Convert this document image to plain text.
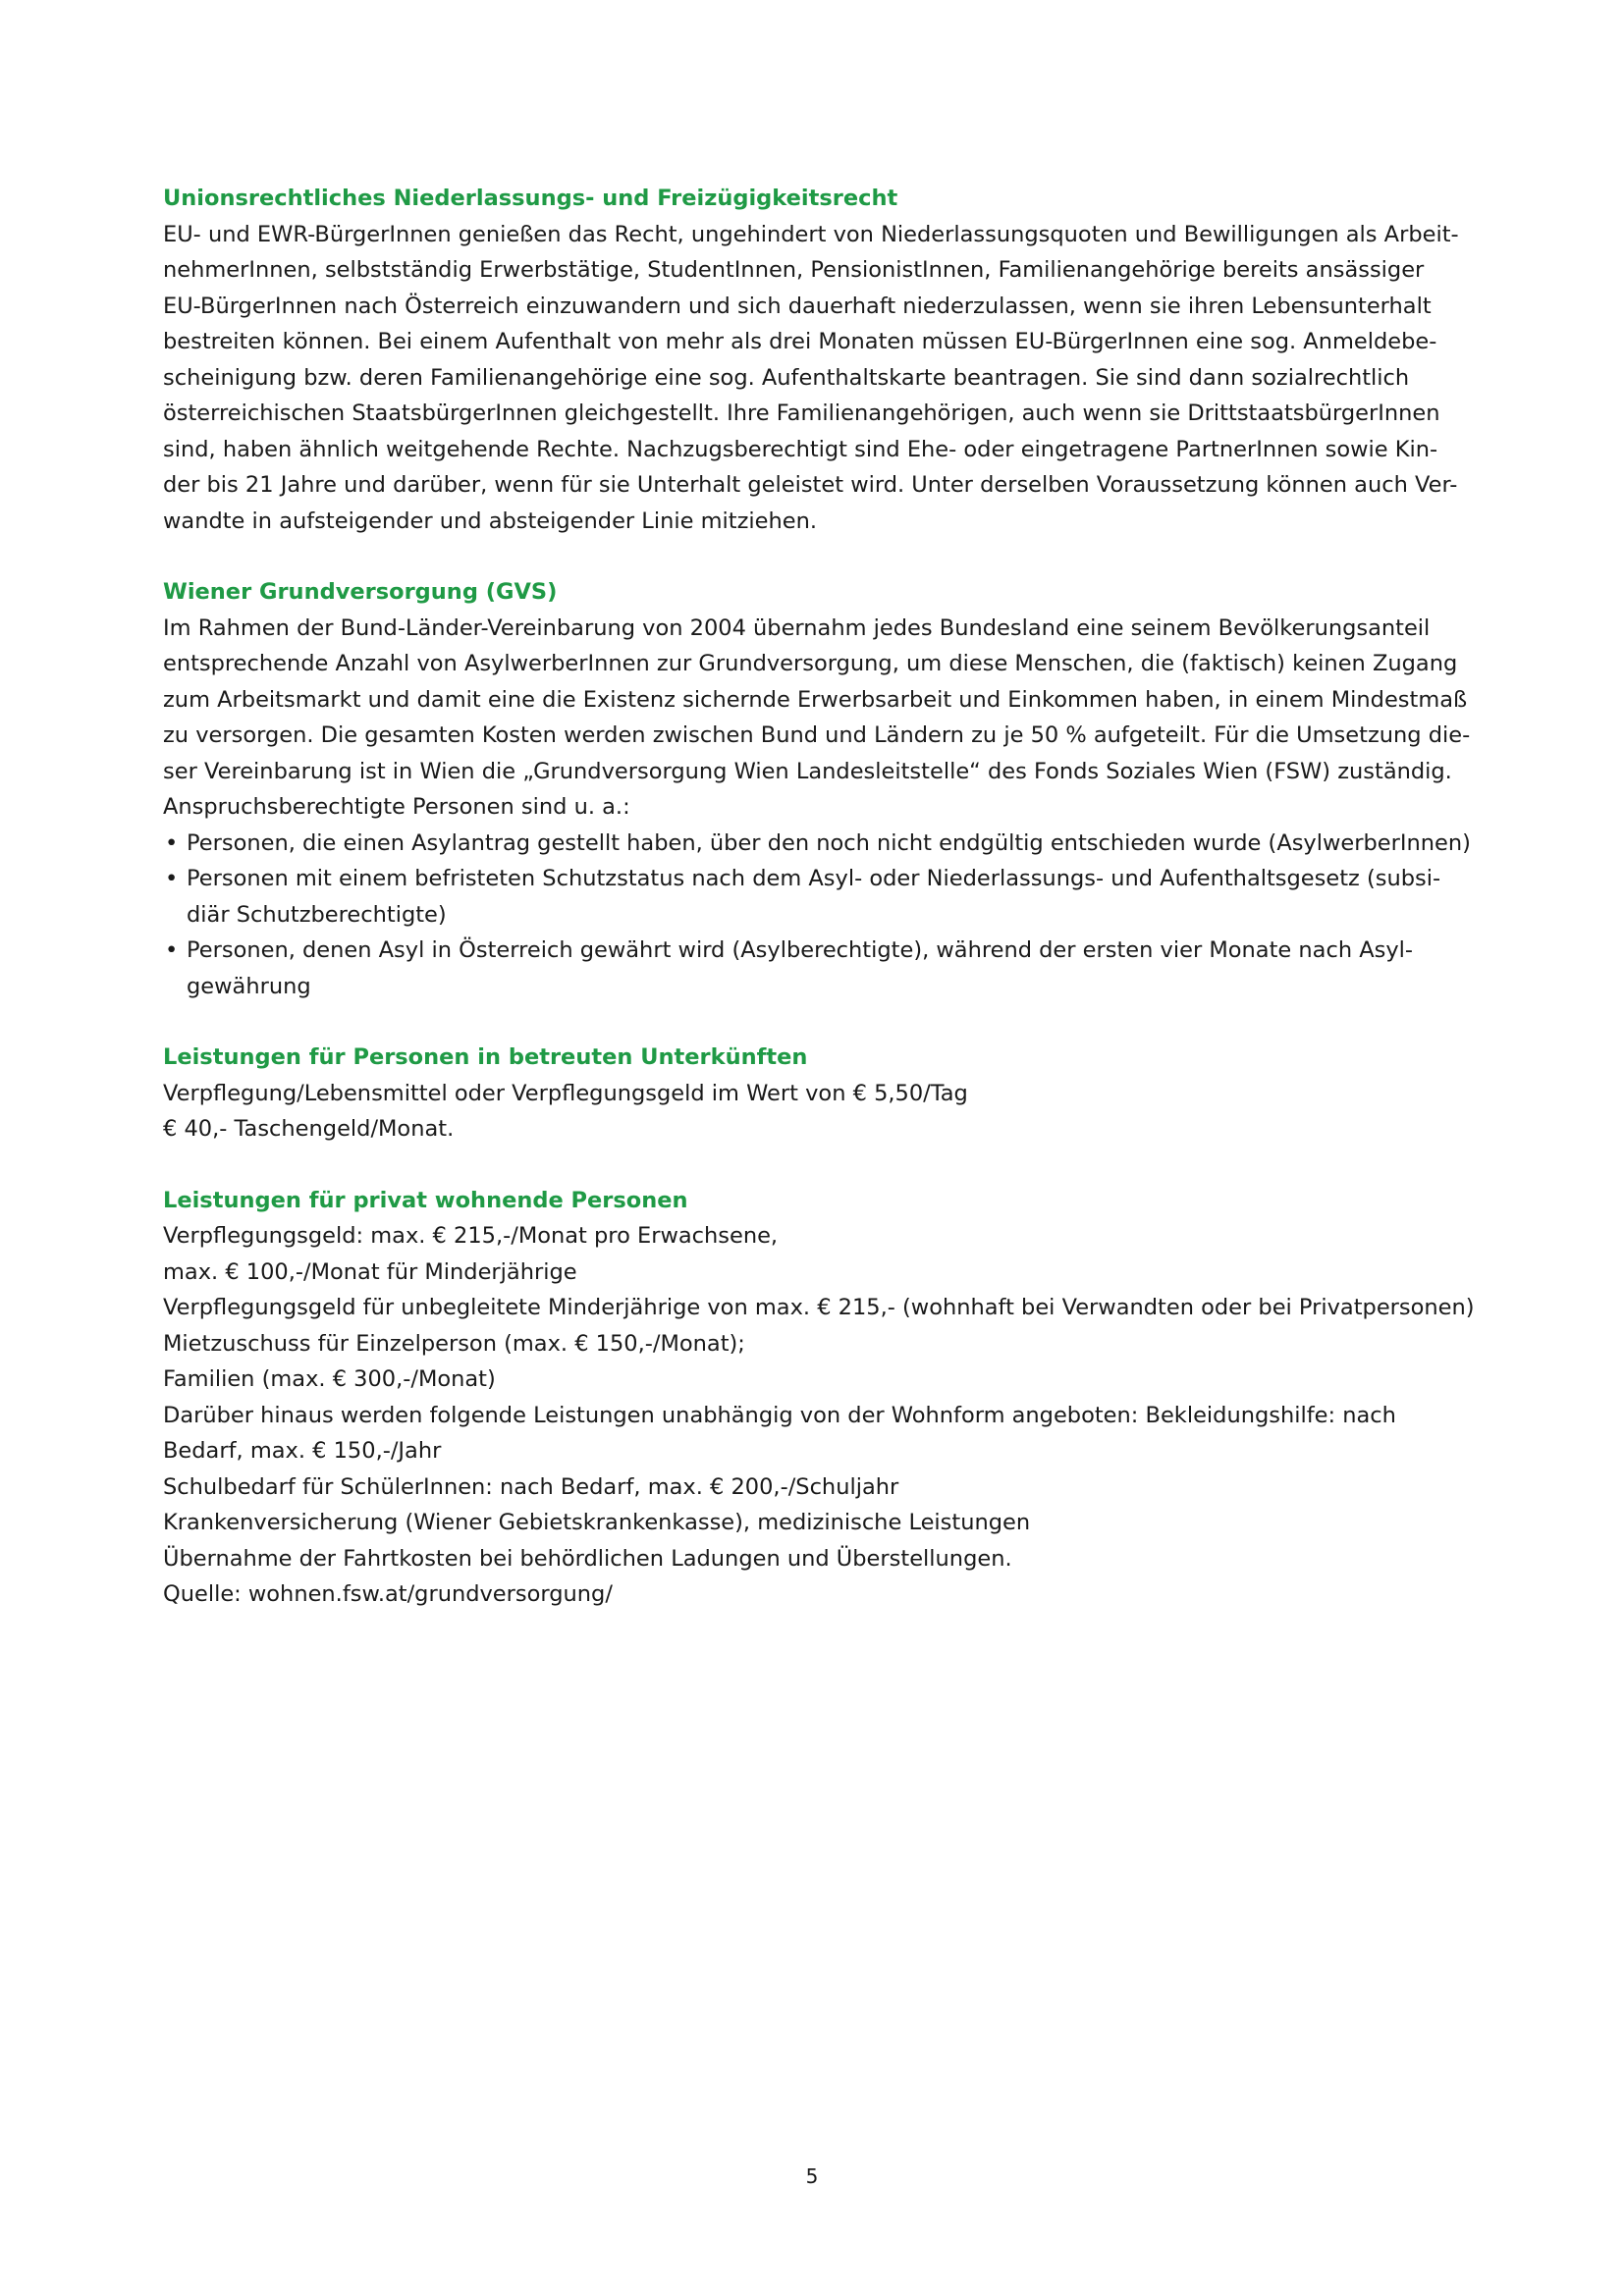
Unionsrechtliches Niederlassungs- und Freizügigkeitsrecht

EU- und EWR-BürgerInnen genießen das Recht, ungehindert von Niederlassungsquoten und Bewilligungen als Arbeit-

nehmerInnen, selbstständig Erwerbstätige, StudentInnen, PensionistInnen, Familienangehörige bereits ansässiger

EU-BürgerInnen nach Österreich einzuwandern und sich dauerhaft niederzulassen, wenn sie ihren Lebensunterhalt

bestreiten können. Bei einem Aufenthalt von mehr als drei Monaten müssen EU-BürgerInnen eine sog. Anmeldebe-

scheinigung bzw. deren Familienangehörige eine sog. Aufenthaltskarte beantragen. Sie sind dann sozialrechtlich

österreichischen StaatsbürgerInnen gleichgestellt. Ihre Familienangehörigen, auch wenn sie DrittstaatsbürgerInnen

sind, haben ähnlich weitgehende Rechte. Nachzugsberechtigt sind Ehe- oder eingetragene PartnerInnen sowie Kin-

der bis 21 Jahre und darüber, wenn für sie Unterhalt geleistet wird. Unter derselben Voraussetzung können auch Ver-

wandte in aufsteigender und absteigender Linie mitziehen.

Wiener Grundversorgung (GVS)

Im Rahmen der Bund-Länder-Vereinbarung von 2004 übernahm jedes Bundesland eine seinem Bevölkerungsanteil

entsprechende Anzahl von AsylwerberInnen zur Grundversorgung, um diese Menschen, die (faktisch) keinen Zugang

zum Arbeitsmarkt und damit eine die Existenz sichernde Erwerbsarbeit und Einkommen haben, in einem Mindestmaß

zu versorgen. Die gesamten Kosten werden zwischen Bund und Ländern zu je 50 % aufgeteilt. Für die Umsetzung die-

ser Vereinbarung ist in Wien die „Grundversorgung Wien Landesleitstelle“ des Fonds Soziales Wien (FSW) zuständig.

Anspruchsberechtigte Personen sind u. a.:

• Personen, die einen Asylantrag gestellt haben, über den noch nicht endgültig entschieden wurde (AsylwerberInnen)

• Personen mit einem befristeten Schutzstatus nach dem Asyl- oder Niederlassungs- und Aufenthaltsgesetz (subsi-

diär Schutzberechtigte)

• Personen, denen Asyl in Österreich gewährt wird (Asylberechtigte), während der ersten vier Monate nach Asyl-

gewährung

Leistungen für Personen in betreuten Unterkünften

Verpflegung/Lebensmittel oder Verpflegungsgeld im Wert von € 5,50/Tag

€ 40,- Taschengeld/Monat.

Leistungen für privat wohnende Personen

Verpflegungsgeld: max. € 215,-/Monat pro Erwachsene,

max. € 100,-/Monat für Minderjährige

Verpflegungsgeld für unbegleitete Minderjährige von max. € 215,- (wohnhaft bei Verwandten oder bei Privatpersonen)

Mietzuschuss für Einzelperson (max. € 150,-/Monat);

Familien (max. € 300,-/Monat)

Darüber hinaus werden folgende Leistungen unabhängig von der Wohnform angeboten: Bekleidungshilfe: nach

Bedarf, max. € 150,-/Jahr

Schulbedarf für SchülerInnen: nach Bedarf, max. € 200,-/Schuljahr

Krankenversicherung (Wiener Gebietskrankenkasse), medizinische Leistungen

Übernahme der Fahrtkosten bei behördlichen Ladungen und Überstellungen.

Quelle: wohnen.fsw.at/grundversorgung/

5
